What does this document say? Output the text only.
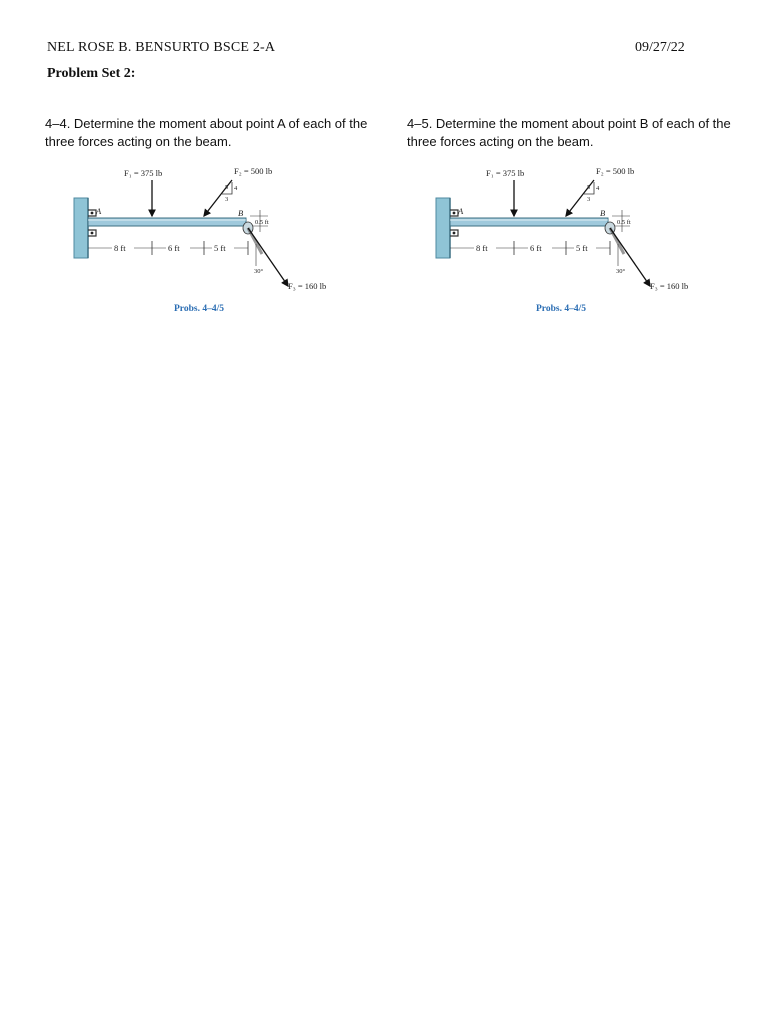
NEL ROSE B. BENSURTO BSCE 2-A	09/27/22
Problem Set 2:
4–4. Determine the moment about point A of each of the three forces acting on the beam.
4–5. Determine the moment about point B of each of the three forces acting on the beam.
A
F₁ = 375 lb	F₂ = 500 lb
5 4
3
B
0.5 ft
30°
F₃ = 160 lb
8 ft	6 ft	5 ft
Probs. 4–4/5
A
F₁ = 375 lb	F₂ = 500 lb
5 4
3
B
0.5 ft
30°
F₃ = 160 lb
8 ft	6 ft	5 ft
Probs. 4–4/5
